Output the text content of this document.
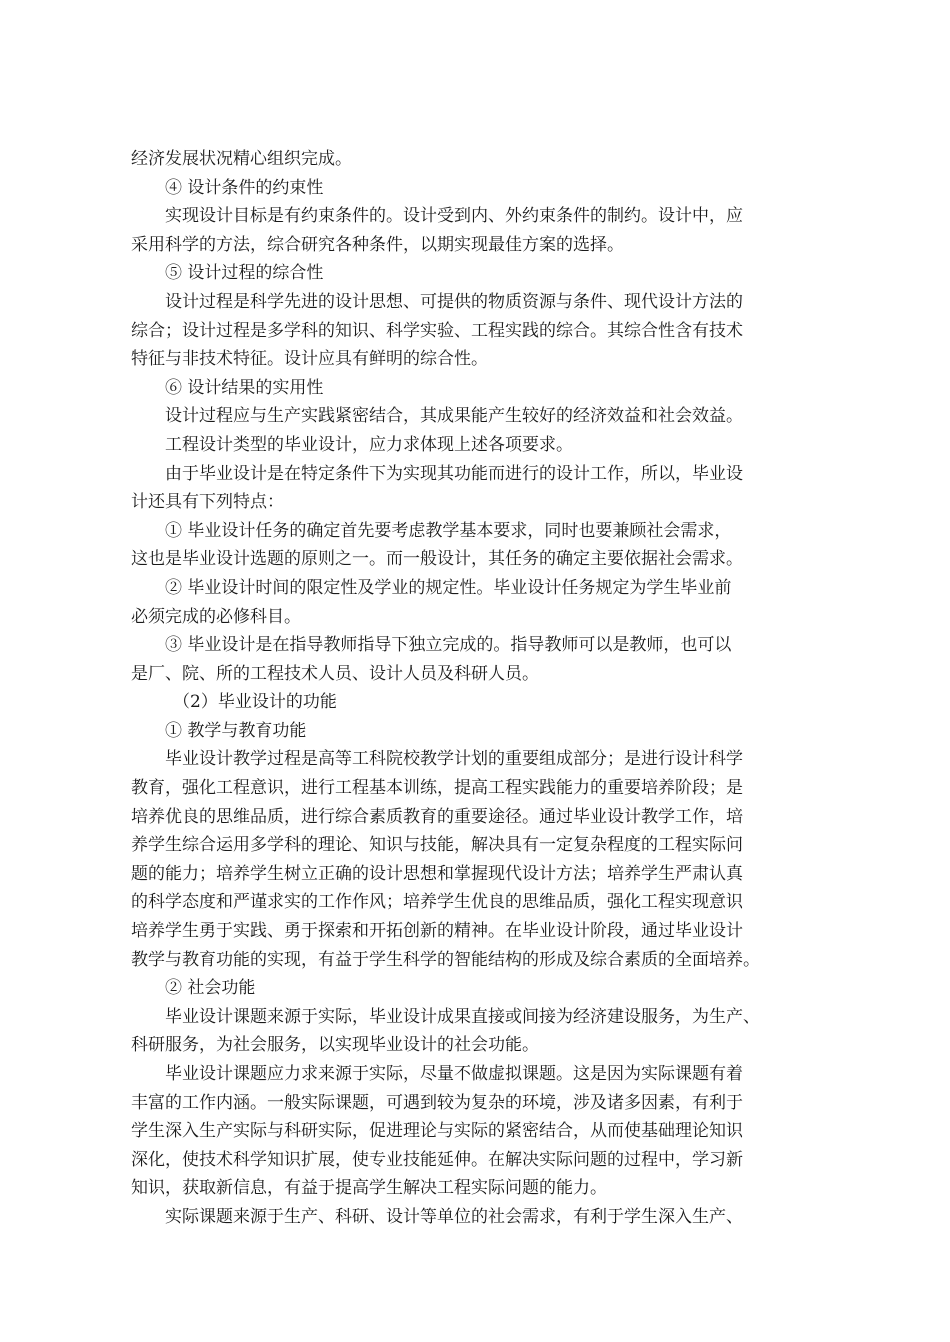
经济发展状况精心组织完成。
④ 设计条件的约束性
实现设计目标是有约束条件的。设计受到内、外约束条件的制约。设计中，应
采用科学的方法，综合研究各种条件，以期实现最佳方案的选择。
⑤ 设计过程的综合性
设计过程是科学先进的设计思想、可提供的物质资源与条件、现代设计方法的
综合；设计过程是多学科的知识、科学实验、工程实践的综合。其综合性含有技术
特征与非技术特征。设计应具有鲜明的综合性。
⑥ 设计结果的实用性
设计过程应与生产实践紧密结合，其成果能产生较好的经济效益和社会效益。
工程设计类型的毕业设计，应力求体现上述各项要求。
由于毕业设计是在特定条件下为实现其功能而进行的设计工作，所以，毕业设
计还具有下列特点：
① 毕业设计任务的确定首先要考虑教学基本要求，同时也要兼顾社会需求，
这也是毕业设计选题的原则之一。而一般设计，其任务的确定主要依据社会需求。
② 毕业设计时间的限定性及学业的规定性。毕业设计任务规定为学生毕业前
必须完成的必修科目。
③ 毕业设计是在指导教师指导下独立完成的。指导教师可以是教师，也可以
是厂、院、所的工程技术人员、设计人员及科研人员。
（2）毕业设计的功能
① 教学与教育功能
毕业设计教学过程是高等工科院校教学计划的重要组成部分；是进行设计科学
教育，强化工程意识，进行工程基本训练，提高工程实践能力的重要培养阶段；是
培养优良的思维品质，进行综合素质教育的重要途径。通过毕业设计教学工作，培
养学生综合运用多学科的理论、知识与技能，解决具有一定复杂程度的工程实际问
题的能力；培养学生树立正确的设计思想和掌握现代设计方法；培养学生严肃认真
的科学态度和严谨求实的工作作风；培养学生优良的思维品质，强化工程实现意识
培养学生勇于实践、勇于探索和开拓创新的精神。在毕业设计阶段，通过毕业设计
教学与教育功能的实现，有益于学生科学的智能结构的形成及综合素质的全面培养。
② 社会功能
毕业设计课题来源于实际，毕业设计成果直接或间接为经济建设服务，为生产、
科研服务，为社会服务，以实现毕业设计的社会功能。
毕业设计课题应力求来源于实际，尽量不做虚拟课题。这是因为实际课题有着
丰富的工作内涵。一般实际课题，可遇到较为复杂的环境，涉及诸多因素，有利于
学生深入生产实际与科研实际，促进理论与实际的紧密结合，从而使基础理论知识
深化，使技术科学知识扩展，使专业技能延伸。在解决实际问题的过程中，学习新
知识，获取新信息，有益于提高学生解决工程实际问题的能力。
实际课题来源于生产、科研、设计等单位的社会需求，有利于学生深入生产、
